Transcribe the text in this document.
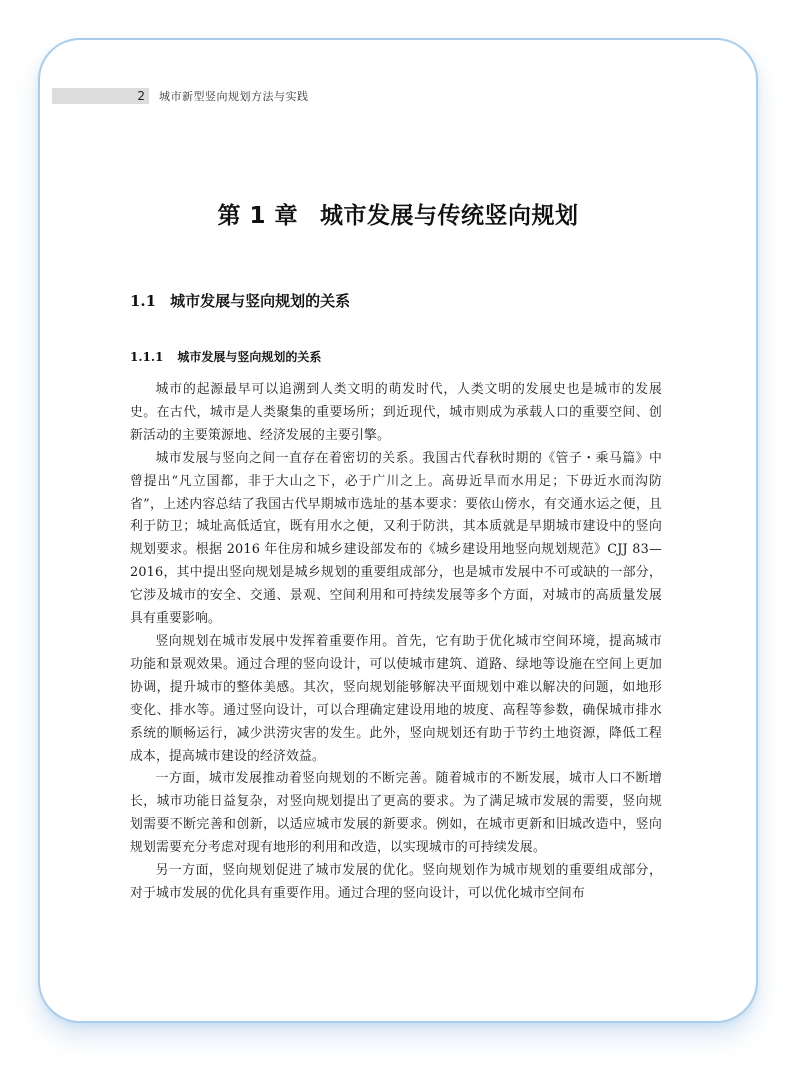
2 城市新型竖向规划方法与实践
第 1 章 城市发展与传统竖向规划
1.1 城市发展与竖向规划的关系
1.1.1 城市发展与竖向规划的关系

城市的起源最早可以追溯到人类文明的萌发时代，人类文明的发展史也是城市的发展史。在古代，城市是人类聚集的重要场所；到近现代，城市则成为承载人口的重要空间、创新活动的主要策源地、经济发展的主要引擎。

城市发展与竖向之间一直存在着密切的关系。我国古代春秋时期的《管子・乘马篇》中曾提出“凡立国都，非于大山之下，必于广川之上。高毋近旱而水用足；下毋近水而沟防省”，上述内容总结了我国古代早期城市选址的基本要求：要依山傍水，有交通水运之便，且利于防卫；城址高低适宜，既有用水之便，又利于防洪，其本质就是早期城市建设中的竖向规划要求。根据 2016 年住房和城乡建设部发布的《城乡建设用地竖向规划规范》CJJ 83—2016，其中提出竖向规划是城乡规划的重要组成部分，也是城市发展中不可或缺的一部分，它涉及城市的安全、交通、景观、空间利用和可持续发展等多个方面，对城市的高质量发展具有重要影响。

竖向规划在城市发展中发挥着重要作用。首先，它有助于优化城市空间环境，提高城市功能和景观效果。通过合理的竖向设计，可以使城市建筑、道路、绿地等设施在空间上更加协调，提升城市的整体美感。其次，竖向规划能够解决平面规划中难以解决的问题，如地形变化、排水等。通过竖向设计，可以合理确定建设用地的坡度、高程等参数，确保城市排水系统的顺畅运行，减少洪涝灾害的发生。此外，竖向规划还有助于节约土地资源，降低工程成本，提高城市建设的经济效益。

一方面，城市发展推动着竖向规划的不断完善。随着城市的不断发展，城市人口不断增长，城市功能日益复杂，对竖向规划提出了更高的要求。为了满足城市发展的需要，竖向规划需要不断完善和创新，以适应城市发展的新要求。例如，在城市更新和旧城改造中，竖向规划需要充分考虑对现有地形的利用和改造，以实现城市的可持续发展。

另一方面，竖向规划促进了城市发展的优化。竖向规划作为城市规划的重要组成部分，对于城市发展的优化具有重要作用。通过合理的竖向设计，可以优化城市空间布
